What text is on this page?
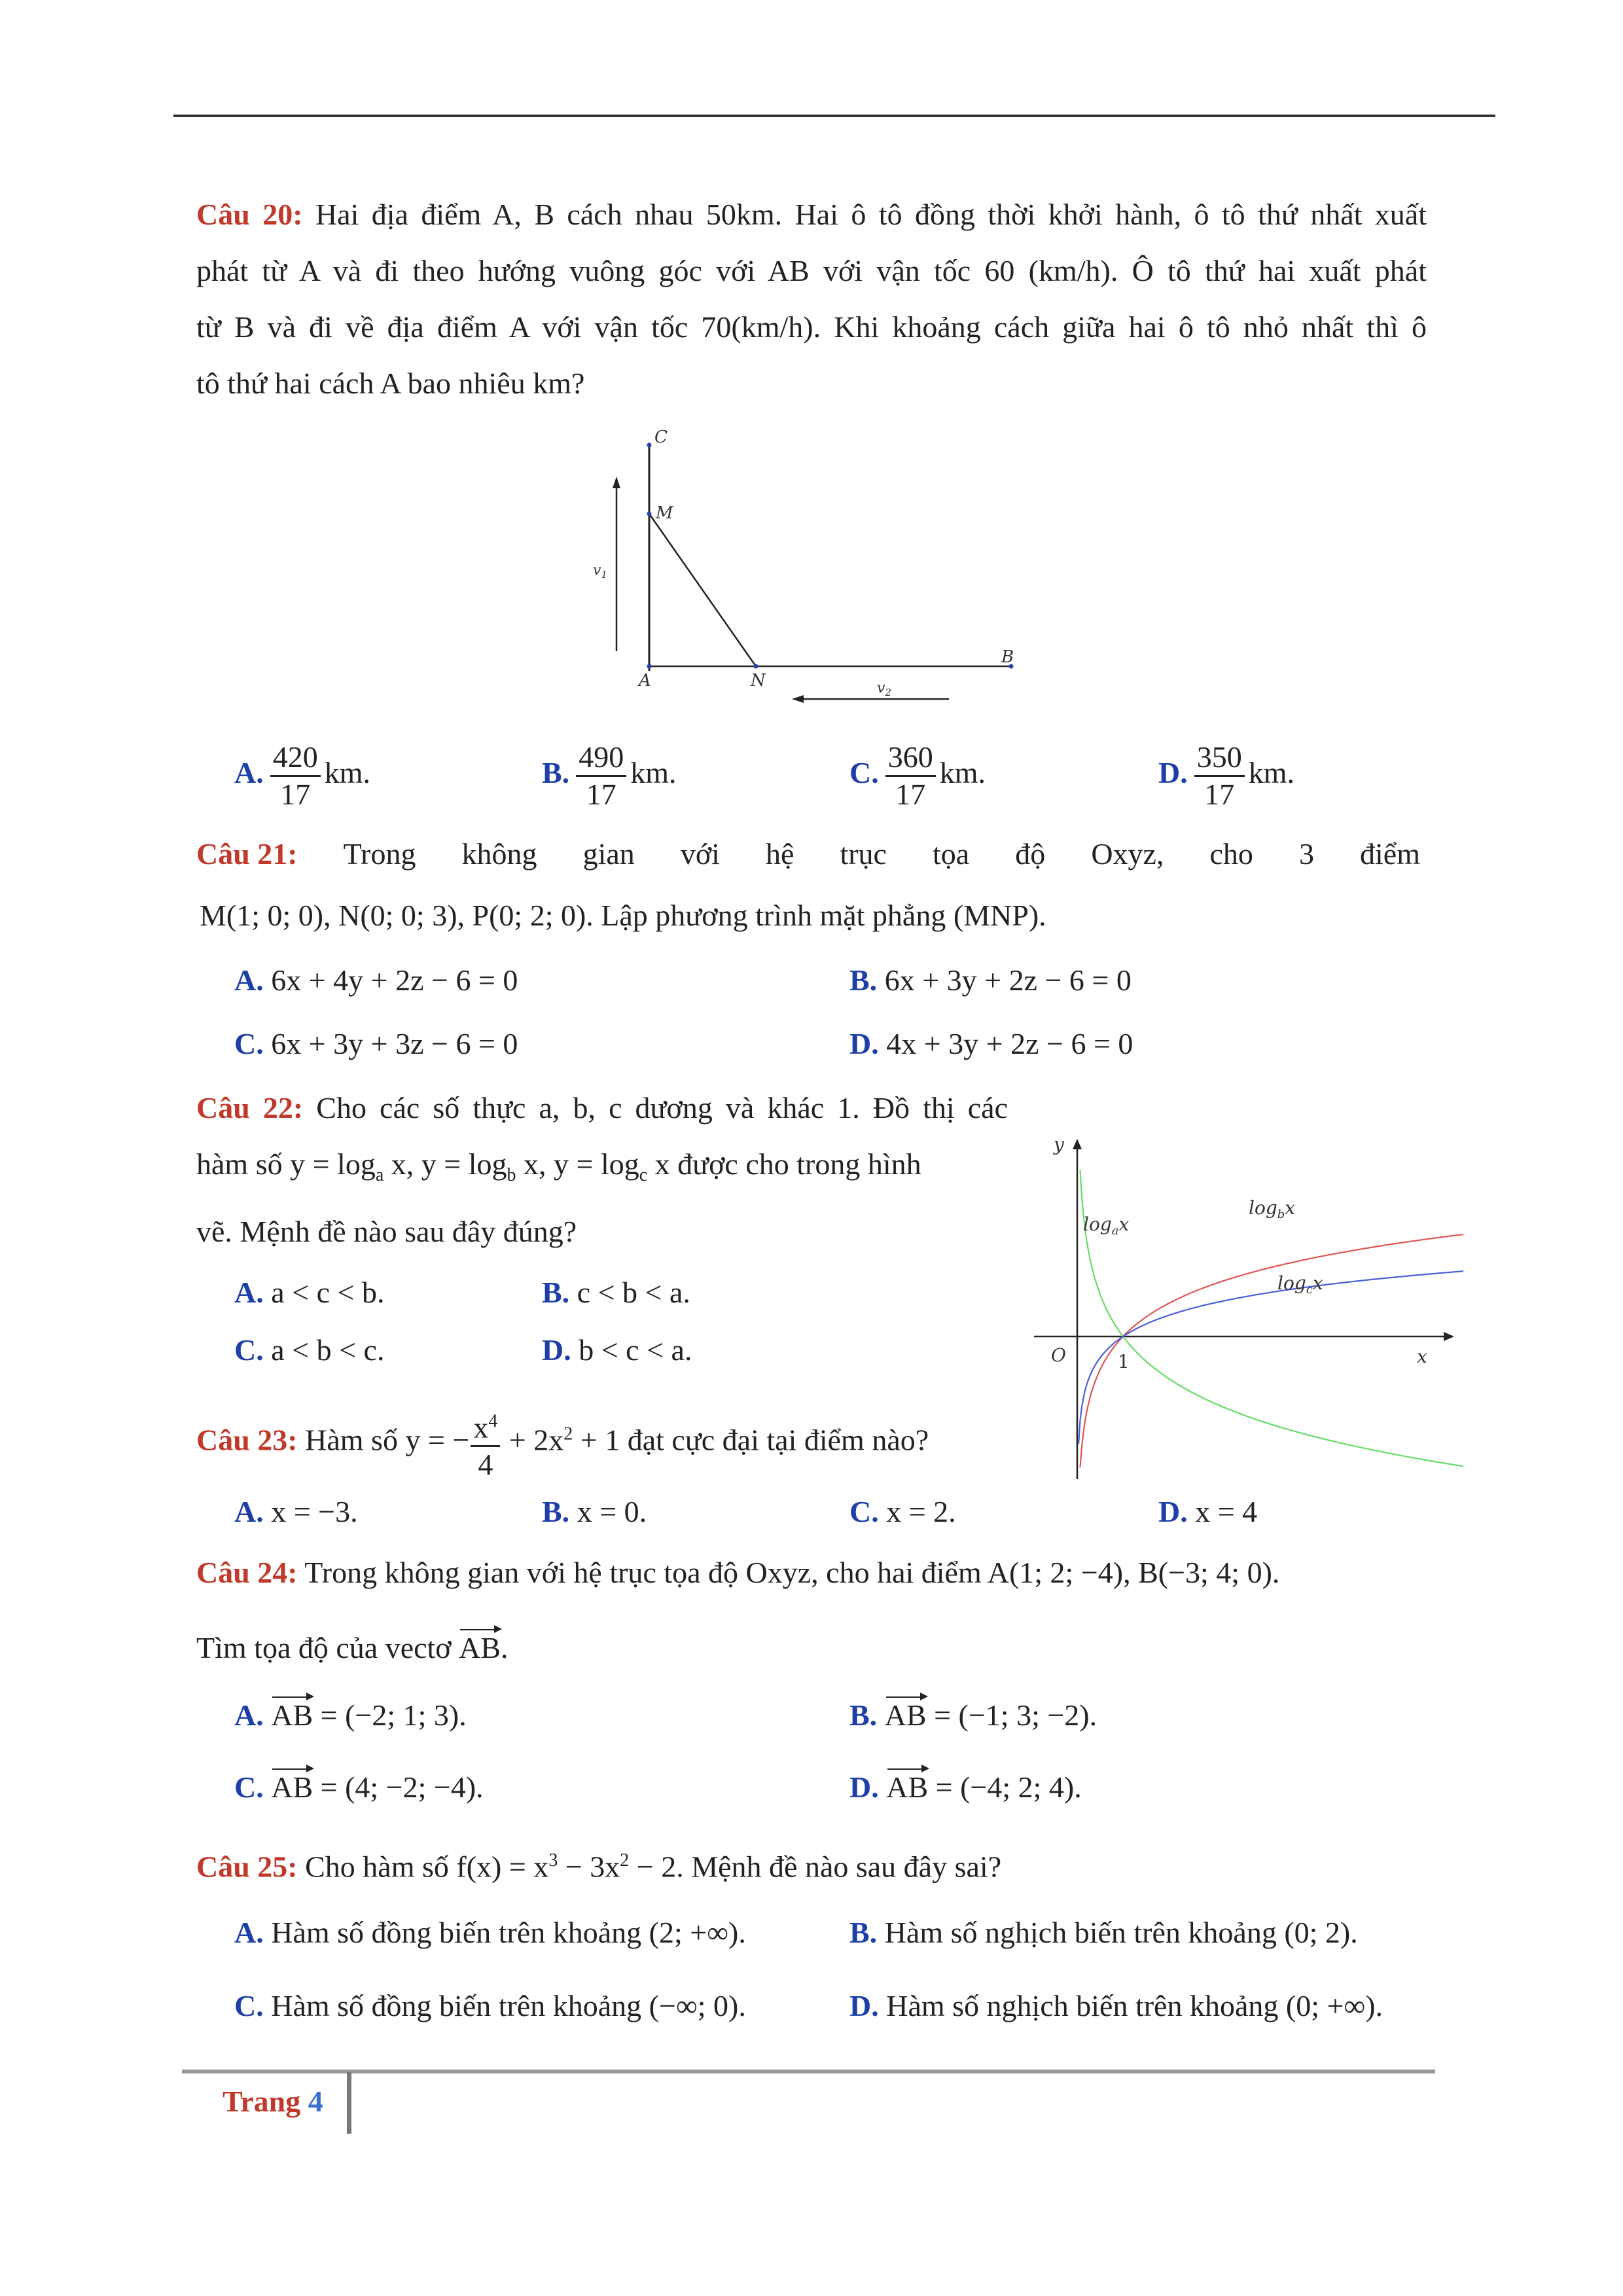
Câu 20: Hai địa điểm A, B cách nhau 50km. Hai ô tô đồng thời khởi hành, ô tô thứ nhất xuất
phát từ A và đi theo hướng vuông góc với AB với vận tốc 60 (km/h). Ô tô thứ hai xuất phát
từ B và đi về địa điểm A với vận tốc 70(km/h). Khi khoảng cách giữa hai ô tô nhỏ nhất thì ô
tô thứ hai cách A bao nhiêu km?
C
M
A	N
B
$v_1$
$v_2$
A. $\frac{420}{17}$ km.	B. $\frac{490}{17}$ km.	C. $\frac{360}{17}$ km.	D. $\frac{350}{17}$ km.
Câu 21: Trong không gian với hệ trục tọa độ Oxyz, cho 3 điểm
M(1; 0; 0), N(0; 0; 3), P(0; 2; 0). Lập phương trình mặt phẳng (MNP).
A. 6x + 4y + 2z − 6 = 0	B. 6x + 3y + 2z − 6 = 0
C. 6x + 3y + 3z − 6 = 0	D. 4x + 3y + 2z − 6 = 0
Câu 22: Cho các số thực a, b, c dương và khác 1. Đồ thị các
hàm số $y = \log_a x$, $y = \log_b x$, $y = \log_c x$ được cho trong hình
vẽ. Mệnh đề nào sau đây đúng?
A. a < c < b.	B. c < b < a.
C. a < b < c.	D. b < c < a.
y
x
O	1
$\log_ax$
$\log_bx$
$\log_cx$
Câu 23: Hàm số y = − $\frac{x^4}{4} + 2x^2 + 1$ đạt cực đại tại điểm nào?
A. x = −3.	B. x = 0.	C. x = 2.	D. x = 4
Câu 24: Trong không gian với hệ trục tọa độ Oxyz, cho hai điểm A(1; 2; −4), B(−3; 4; 0).
Tìm tọa độ của vectơ AB.
A. AB = (−2; 1; 3).	B. AB = (−1; 3; −2).
C. AB = (4; −2; −4).	D. AB = (−4; 2; 4).
Câu 25: Cho hàm số $f(x) = x^3 - 3x^2 - 2$. Mệnh đề nào sau đây sai?
A. Hàm số đồng biến trên khoảng (2; +∞).	B. Hàm số nghịch biến trên khoảng (0; 2).
C. Hàm số đồng biến trên khoảng (−∞; 0).	D. Hàm số nghịch biến trên khoảng (0; +∞).
Trang 4
